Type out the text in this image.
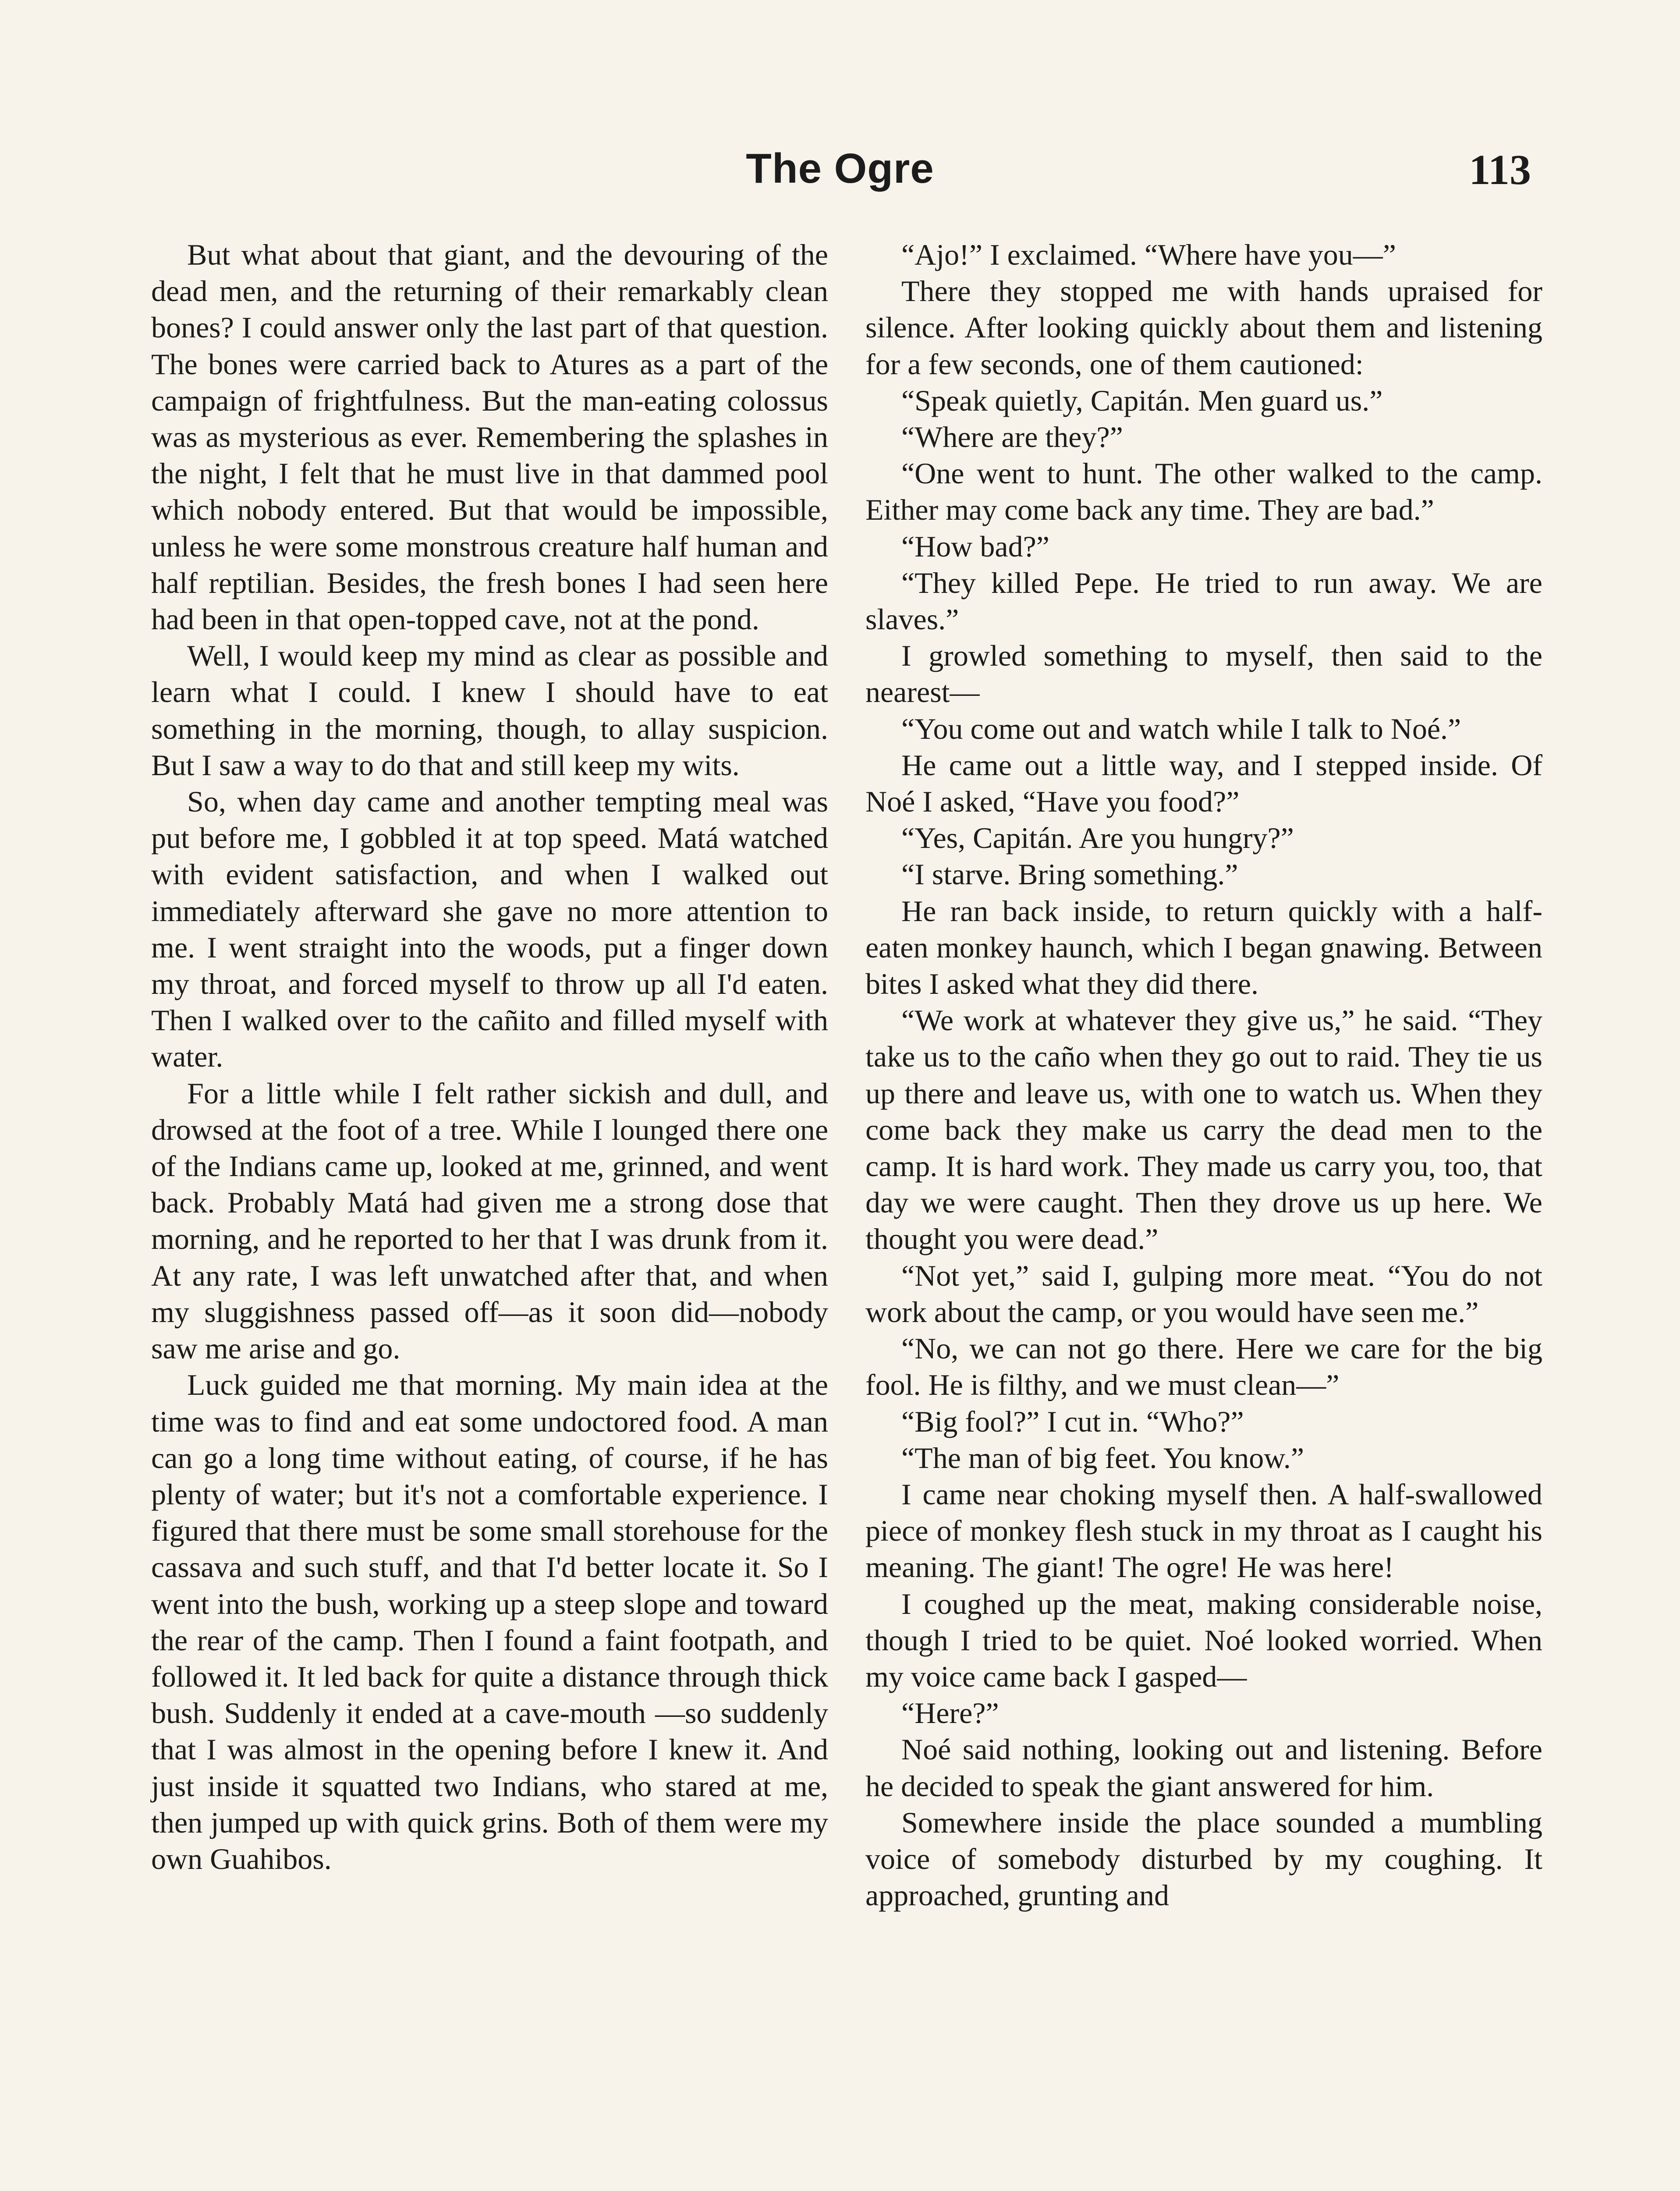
The Ogre	113

But what about that giant, and the devouring of the dead men, and the returning of their remarkably clean bones? I could answer only the last part of that question. The bones were carried back to Atures as a part of the campaign of frightfulness. But the man-eating colossus was as mysterious as ever. Remembering the splashes in the night, I felt that he must live in that dammed pool which nobody entered. But that would be impossible, unless he were some monstrous creature half human and half reptilian. Besides, the fresh bones I had seen here had been in that open-topped cave, not at the pond.

Well, I would keep my mind as clear as possible and learn what I could. I knew I should have to eat something in the morning, though, to allay suspicion. But I saw a way to do that and still keep my wits.

So, when day came and another tempting meal was put before me, I gobbled it at top speed. Matá watched with evident satisfaction, and when I walked out immediately afterward she gave no more attention to me. I went straight into the woods, put a finger down my throat, and forced myself to throw up all I'd eaten. Then I walked over to the cañito and filled myself with water.

For a little while I felt rather sickish and dull, and drowsed at the foot of a tree. While I lounged there one of the Indians came up, looked at me, grinned, and went back. Probably Matá had given me a strong dose that morning, and he reported to her that I was drunk from it. At any rate, I was left unwatched after that, and when my sluggishness passed off—as it soon did—nobody saw me arise and go.

Luck guided me that morning. My main idea at the time was to find and eat some undoctored food. A man can go a long time without eating, of course, if he has plenty of water; but it's not a comfortable experience. I figured that there must be some small storehouse for the cassava and such stuff, and that I'd better locate it. So I went into the bush, working up a steep slope and toward the rear of the camp. Then I found a faint footpath, and followed it. It led back for quite a distance through thick bush. Suddenly it ended at a cave-mouth —so suddenly that I was almost in the opening before I knew it. And just inside it squatted two Indians, who stared at me, then jumped up with quick grins. Both of them were my own Guahibos.

“Ajo!” I exclaimed. “Where have you—”

There they stopped me with hands upraised for silence. After looking quickly about them and listening for a few seconds, one of them cautioned:

“Speak quietly, Capitán. Men guard us.”

“Where are they?”

“One went to hunt. The other walked to the camp. Either may come back any time. They are bad.”

“How bad?”

“They killed Pepe. He tried to run away. We are slaves.”

I growled something to myself, then said to the nearest—

“You come out and watch while I talk to Noé.”

He came out a little way, and I stepped inside. Of Noé I asked, “Have you food?”

“Yes, Capitán. Are you hungry?”

“I starve. Bring something.”

He ran back inside, to return quickly with a half-eaten monkey haunch, which I began gnawing. Between bites I asked what they did there.

“We work at whatever they give us,” he said. “They take us to the caño when they go out to raid. They tie us up there and leave us, with one to watch us. When they come back they make us carry the dead men to the camp. It is hard work. They made us carry you, too, that day we were caught. Then they drove us up here. We thought you were dead.”

“Not yet,” said I, gulping more meat. “You do not work about the camp, or you would have seen me.”

“No, we can not go there. Here we care for the big fool. He is filthy, and we must clean—”

“Big fool?” I cut in. “Who?”

“The man of big feet. You know.”

I came near choking myself then. A half-swallowed piece of monkey flesh stuck in my throat as I caught his meaning. The giant! The ogre! He was here!

I coughed up the meat, making considerable noise, though I tried to be quiet. Noé looked worried. When my voice came back I gasped—

“Here?”

Noé said nothing, looking out and listening. Before he decided to speak the giant answered for him.

Somewhere inside the place sounded a mumbling voice of somebody disturbed by my coughing. It approached, grunting and
